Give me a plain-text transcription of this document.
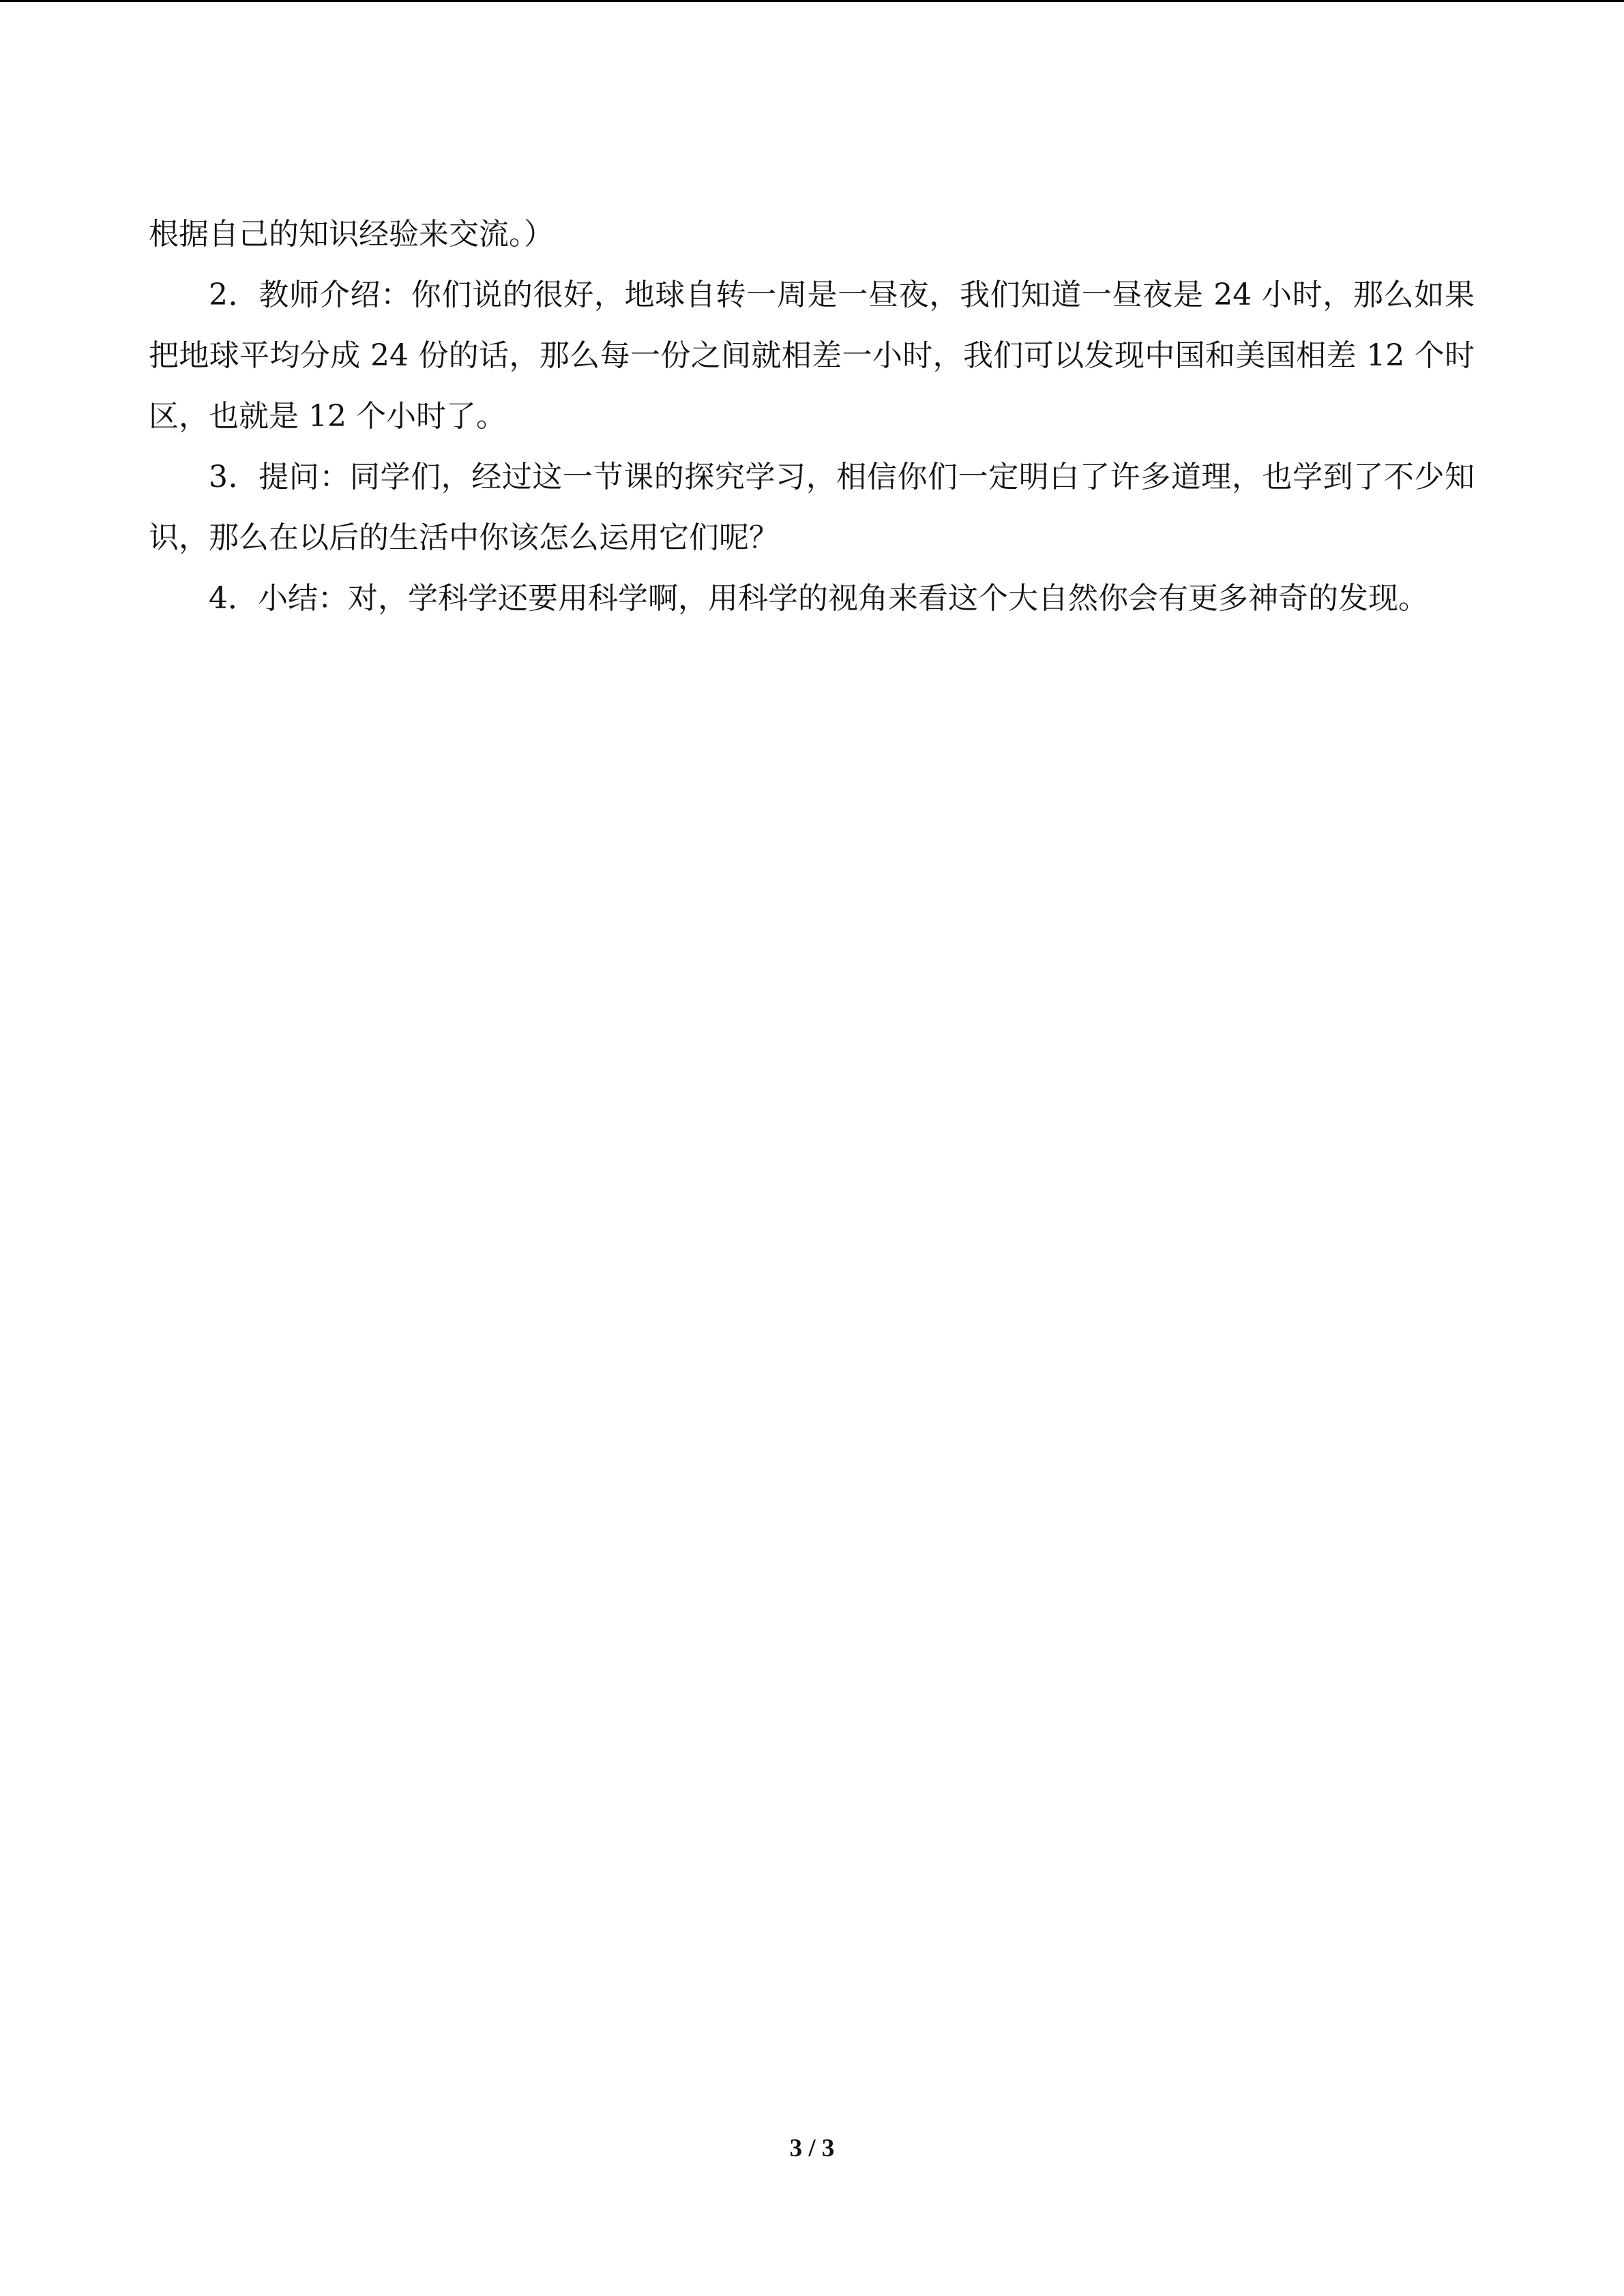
根据自己的知识经验来交流。）

2．教师介绍：你们说的很好，地球自转一周是一昼夜，我们知道一昼夜是 24 小时，那么如果把地球平均分成 24 份的话，那么每一份之间就相差一小时，我们可以发现中国和美国相差 12 个时区，也就是 12 个小时了。

3．提问：同学们，经过这一节课的探究学习，相信你们一定明白了许多道理，也学到了不少知识，那么在以后的生活中你该怎么运用它们呢？

4．小结：对，学科学还要用科学啊，用科学的视角来看这个大自然你会有更多神奇的发现。

3 / 3
